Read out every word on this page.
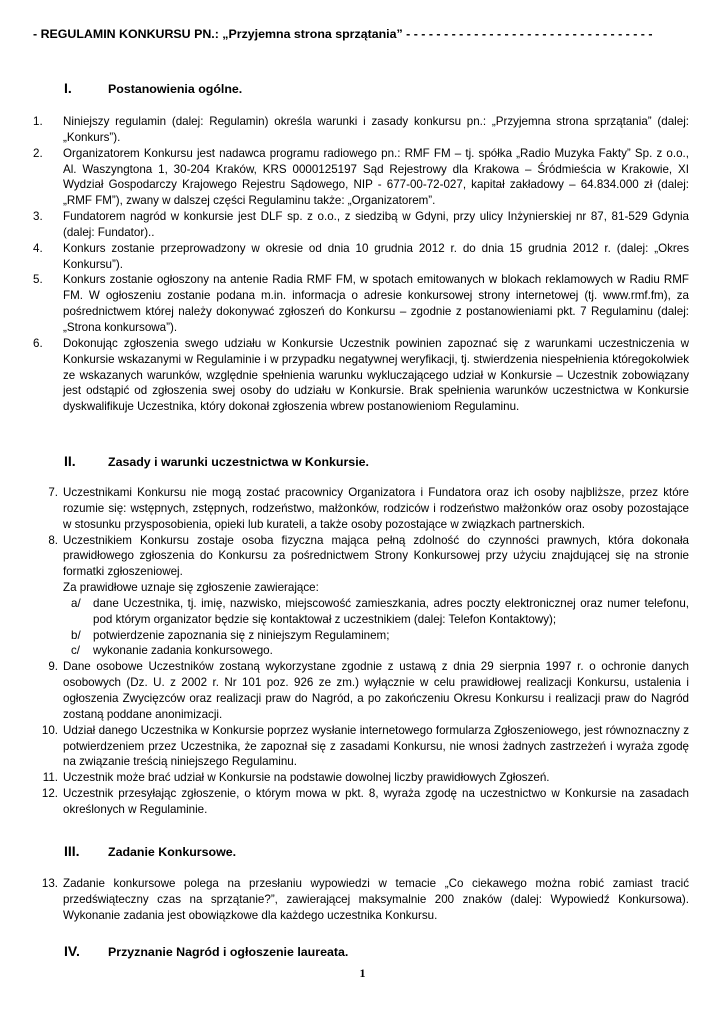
- REGULAMIN KONKURSU PN.: „Przyjemna strona sprzątania” - - - - - - - - - - - - - - - - - - - - - - - - - - - - - - - - -
I.	Postanowienia ogólne.
1.	Niniejszy regulamin (dalej: Regulamin) określa warunki i zasady konkursu pn.: „Przyjemna strona sprzątania” (dalej: „Konkurs”).
2.	Organizatorem Konkursu jest nadawca programu radiowego pn.: RMF FM – tj. spółka „Radio Muzyka Fakty” Sp. z o.o., Al. Waszyngtona 1, 30-204 Kraków, KRS 0000125197 Sąd Rejestrowy dla Krakowa – Śródmieścia w Krakowie, XI Wydział Gospodarczy Krajowego Rejestru Sądowego, NIP - 677-00-72-027, kapitał zakładowy – 64.834.000 zł (dalej: „RMF FM”), zwany w dalszej części Regulaminu także: „Organizatorem”.
3.	Fundatorem nagród w konkursie jest DLF sp. z o.o., z siedzibą w Gdyni, przy ulicy Inżynierskiej nr 87, 81-529 Gdynia (dalej: Fundator)..
4.	Konkurs zostanie przeprowadzony w okresie od dnia 10 grudnia 2012 r. do dnia 15 grudnia 2012 r. (dalej: „Okres Konkursu”).
5.	Konkurs zostanie ogłoszony na antenie Radia RMF FM, w spotach emitowanych w blokach reklamowych w Radiu RMF FM. W ogłoszeniu zostanie podana m.in. informacja o adresie konkursowej strony internetowej (tj. www.rmf.fm), za pośrednictwem której należy dokonywać zgłoszeń do Konkursu – zgodnie z postanowieniami pkt. 7 Regulaminu (dalej: „Strona konkursowa”).
6.	Dokonując zgłoszenia swego udziału w Konkursie Uczestnik powinien zapoznać się z warunkami uczestniczenia w Konkursie wskazanymi w Regulaminie i w przypadku negatywnej weryfikacji, tj. stwierdzenia niespełnienia któregokolwiek ze wskazanych warunków, względnie spełnienia warunku wykluczającego udział w Konkursie – Uczestnik zobowiązany jest odstąpić od zgłoszenia swej osoby do udziału w Konkursie. Brak spełnienia warunków uczestnictwa w Konkursie dyskwalifikuje Uczestnika, który dokonał zgłoszenia wbrew postanowieniom Regulaminu.
II.	Zasady i warunki uczestnictwa w Konkursie.
7. Uczestnikami Konkursu nie mogą zostać pracownicy Organizatora i Fundatora oraz ich osoby najbliższe, przez które rozumie się: wstępnych, zstępnych, rodzeństwo, małżonków, rodziców i rodzeństwo małżonków oraz osoby pozostające w stosunku przysposobienia, opieki lub kurateli, a także osoby pozostające w związkach partnerskich.
8. Uczestnikiem Konkursu zostaje osoba fizyczna mająca pełną zdolność do czynności prawnych, która dokonała prawidłowego zgłoszenia do Konkursu za pośrednictwem Strony Konkursowej przy użyciu znajdującej się na stronie formatki zgłoszeniowej.
Za prawidłowe uznaje się zgłoszenie zawierające:
a/ dane Uczestnika, tj. imię, nazwisko, miejscowość zamieszkania, adres poczty elektronicznej oraz numer telefonu, pod którym organizator będzie się kontaktował z uczestnikiem (dalej: Telefon Kontaktowy);
b/ potwierdzenie zapoznania się z niniejszym Regulaminem;
c/ wykonanie zadania konkursowego.
9. Dane osobowe Uczestników zostaną wykorzystane zgodnie z ustawą z dnia 29 sierpnia 1997 r. o ochronie danych osobowych (Dz. U. z 2002 r. Nr 101 poz. 926 ze zm.) wyłącznie w celu prawidłowej realizacji Konkursu, ustalenia i ogłoszenia Zwycięzców oraz realizacji praw do Nagród, a po zakończeniu Okresu Konkursu i realizacji praw do Nagród zostaną poddane anonimizacji.
10. Udział danego Uczestnika w Konkursie poprzez wysłanie internetowego formularza Zgłoszeniowego, jest równoznaczny z potwierdzeniem przez Uczestnika, że zapoznał się z zasadami Konkursu, nie wnosi żadnych zastrzeżeń i wyraża zgodę na związanie treścią niniejszego Regulaminu.
11. Uczestnik może brać udział w Konkursie na podstawie dowolnej liczby prawidłowych Zgłoszeń.
12. Uczestnik przesyłając zgłoszenie, o którym mowa w pkt. 8, wyraża zgodę na uczestnictwo w Konkursie na zasadach określonych w Regulaminie.
III. Zadanie Konkursowe.
13. Zadanie konkursowe polega na przesłaniu wypowiedzi w temacie „Co ciekawego można robić zamiast tracić przedświąteczny czas na sprzątanie?”, zawierającej maksymalnie 200 znaków (dalej: Wypowiedź Konkursowa). Wykonanie zadania jest obowiązkowe dla każdego uczestnika Konkursu.
IV. Przyznanie Nagród i ogłoszenie laureata.
1
